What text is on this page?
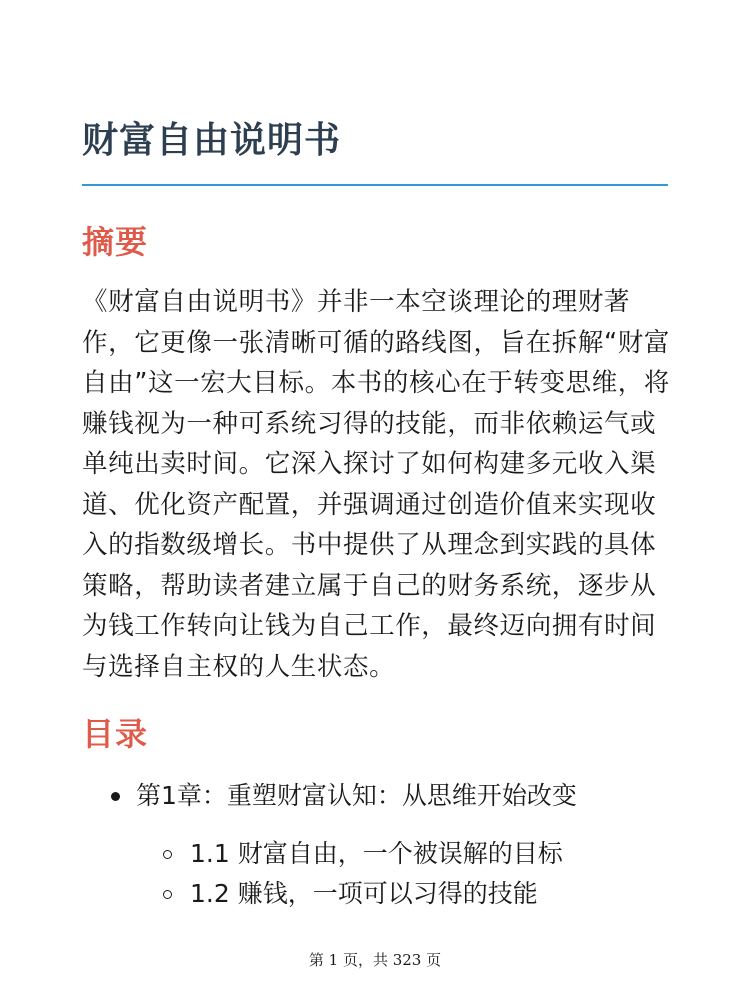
财富自由说明书
摘要

《财富自由说明书》并非一本空谈理论的理财著作，它更像一张清晰可循的路线图，旨在拆解“财富自由”这一宏大目标。本书的核心在于转变思维，将赚钱视为一种可系统习得的技能，而非依赖运气或单纯出卖时间。它深入探讨了如何构建多元收入渠道、优化资产配置，并强调通过创造价值来实现收入的指数级增长。书中提供了从理念到实践的具体策略，帮助读者建立属于自己的财务系统，逐步从为钱工作转向让钱为自己工作，最终迈向拥有时间与选择自主权的人生状态。

目录
第1章：重塑财富认知：从思维开始改变
1.1 财富自由，一个被误解的目标
1.2 赚钱，一项可以习得的技能
第 1 页，共 323 页
